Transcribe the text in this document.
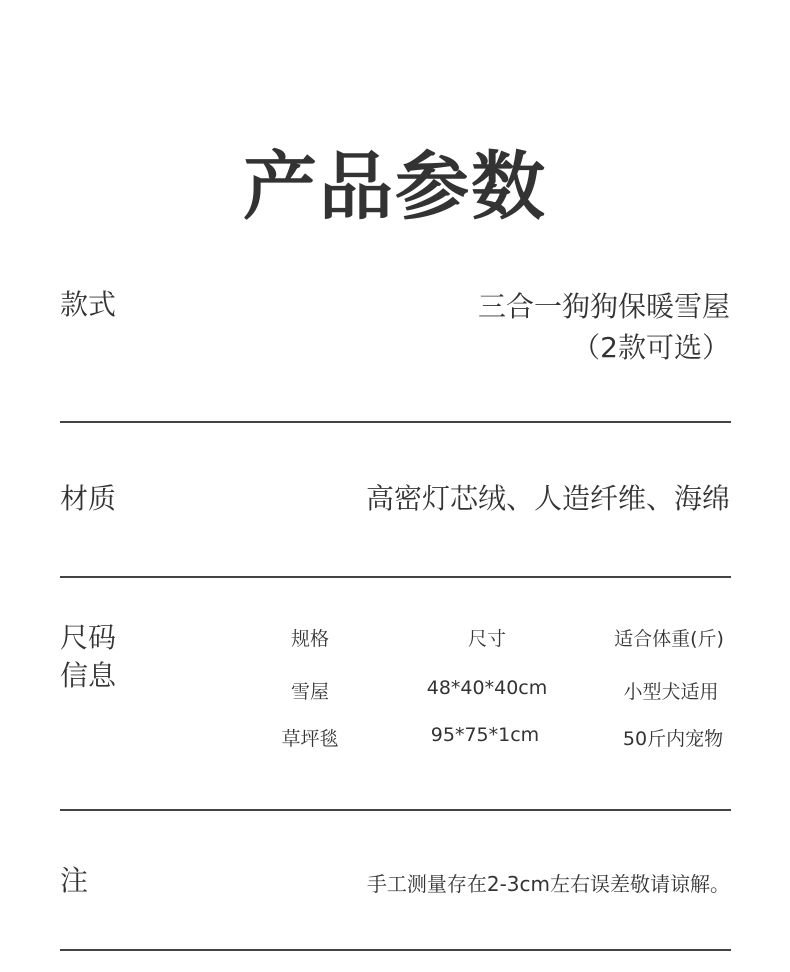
产品参数
款式	三合一狗狗保暖雪屋
（2款可选）
材质	高密灯芯绒、人造纤维、海绵
尺码
信息
规格	尺寸	适合体重(斤)
雪屋	48*40*40cm	小型犬适用
草坪毯	95*75*1cm	50斤内宠物
注	手工测量存在2-3cm左右误差敬请谅解。
